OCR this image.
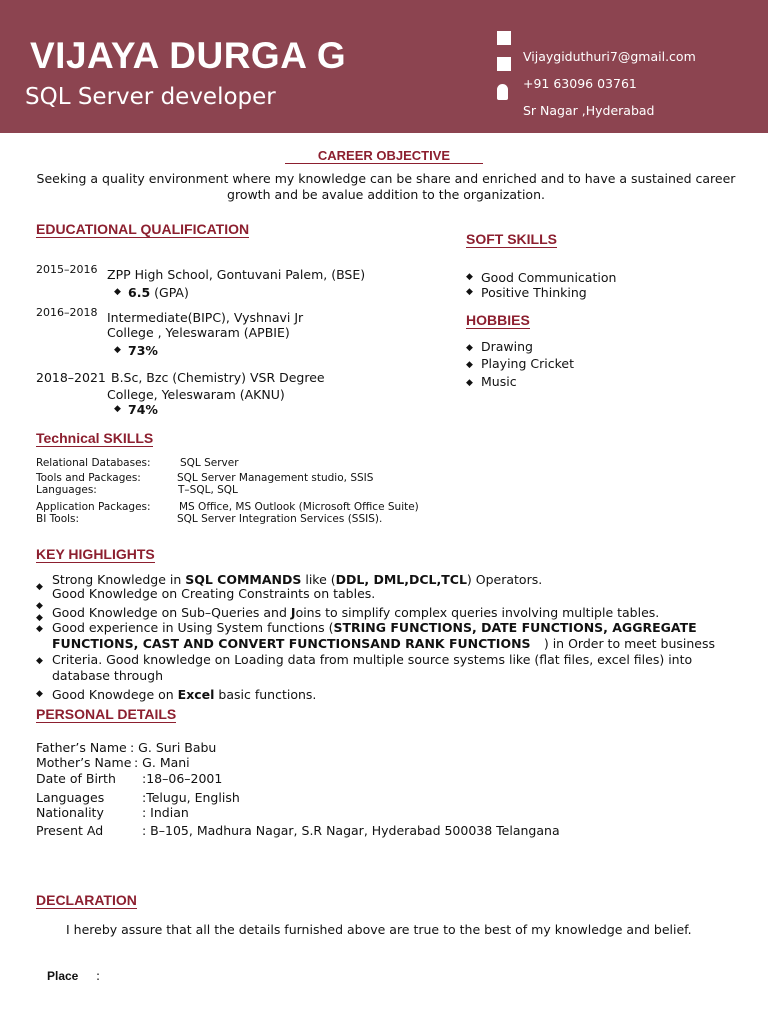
VIJAYA DURGA G
SQL Server developer
Vijaygiduthuri7@gmail.com
+91 63096 03761
Sr Nagar ,Hyderabad
CAREER OBJECTIVE
Seeking a quality environment where my knowledge can be share and enriched and to have a sustained career
growth and be avalue addition to the organization.
EDUCATIONAL QUALIFICATION
2015–2016 ZPP High School, Gontuvani Palem, (BSE)
◆ 6.5 (GPA)
2016–2018 Intermediate(BIPC), Vyshnavi Jr
College , Yeleswaram (APBIE)
◆ 73%
2018–2021 B.Sc, Bzc (Chemistry) VSR Degree
College, Yeleswaram (AKNU)
◆ 74%
SOFT SKILLS
◆ Good Communication
◆ Positive Thinking
HOBBIES
◆ Drawing
◆ Playing Cricket
◆ Music
Technical SKILLS
Relational Databases:	SQL Server
Tools and Packages:	SQL Server Management studio, SSIS
Languages:	T–SQL, SQL
Application Packages:	MS Office, MS Outlook (Microsoft Office Suite)
BI Tools:	SQL Server Integration Services (SSIS).
KEY HIGHLIGHTS
◆ Strong Knowledge in SQL COMMANDS like (DDL, DML,DCL,TCL) Operators.
Good Knowledge on Creating Constraints on tables.
◆
◆ Good Knowledge on Sub–Queries and Joins to simplify complex queries involving multiple tables.
◆ Good experience in Using System functions (STRING FUNCTIONS, DATE FUNCTIONS, AGGREGATE
FUNCTIONS, CAST AND CONVERT FUNCTIONSAND RANK FUNCTIONS ) in Order to meet business
◆ Criteria. Good knowledge on Loading data from multiple source systems like (flat files, excel files) into
database through
◆ Good Knowdege on Excel basic functions.
PERSONAL DETAILS
Father’s Name : G. Suri Babu
Mother’s Name : G. Mani
Date of Birth :18–06–2001
Languages	:Telugu, English
Nationality	: Indian
Present Ad	: B–105, Madhura Nagar, S.R Nagar, Hyderabad 500038 Telangana
DECLARATION
I hereby assure that all the details furnished above are true to the best of my knowledge and belief.
Place :
